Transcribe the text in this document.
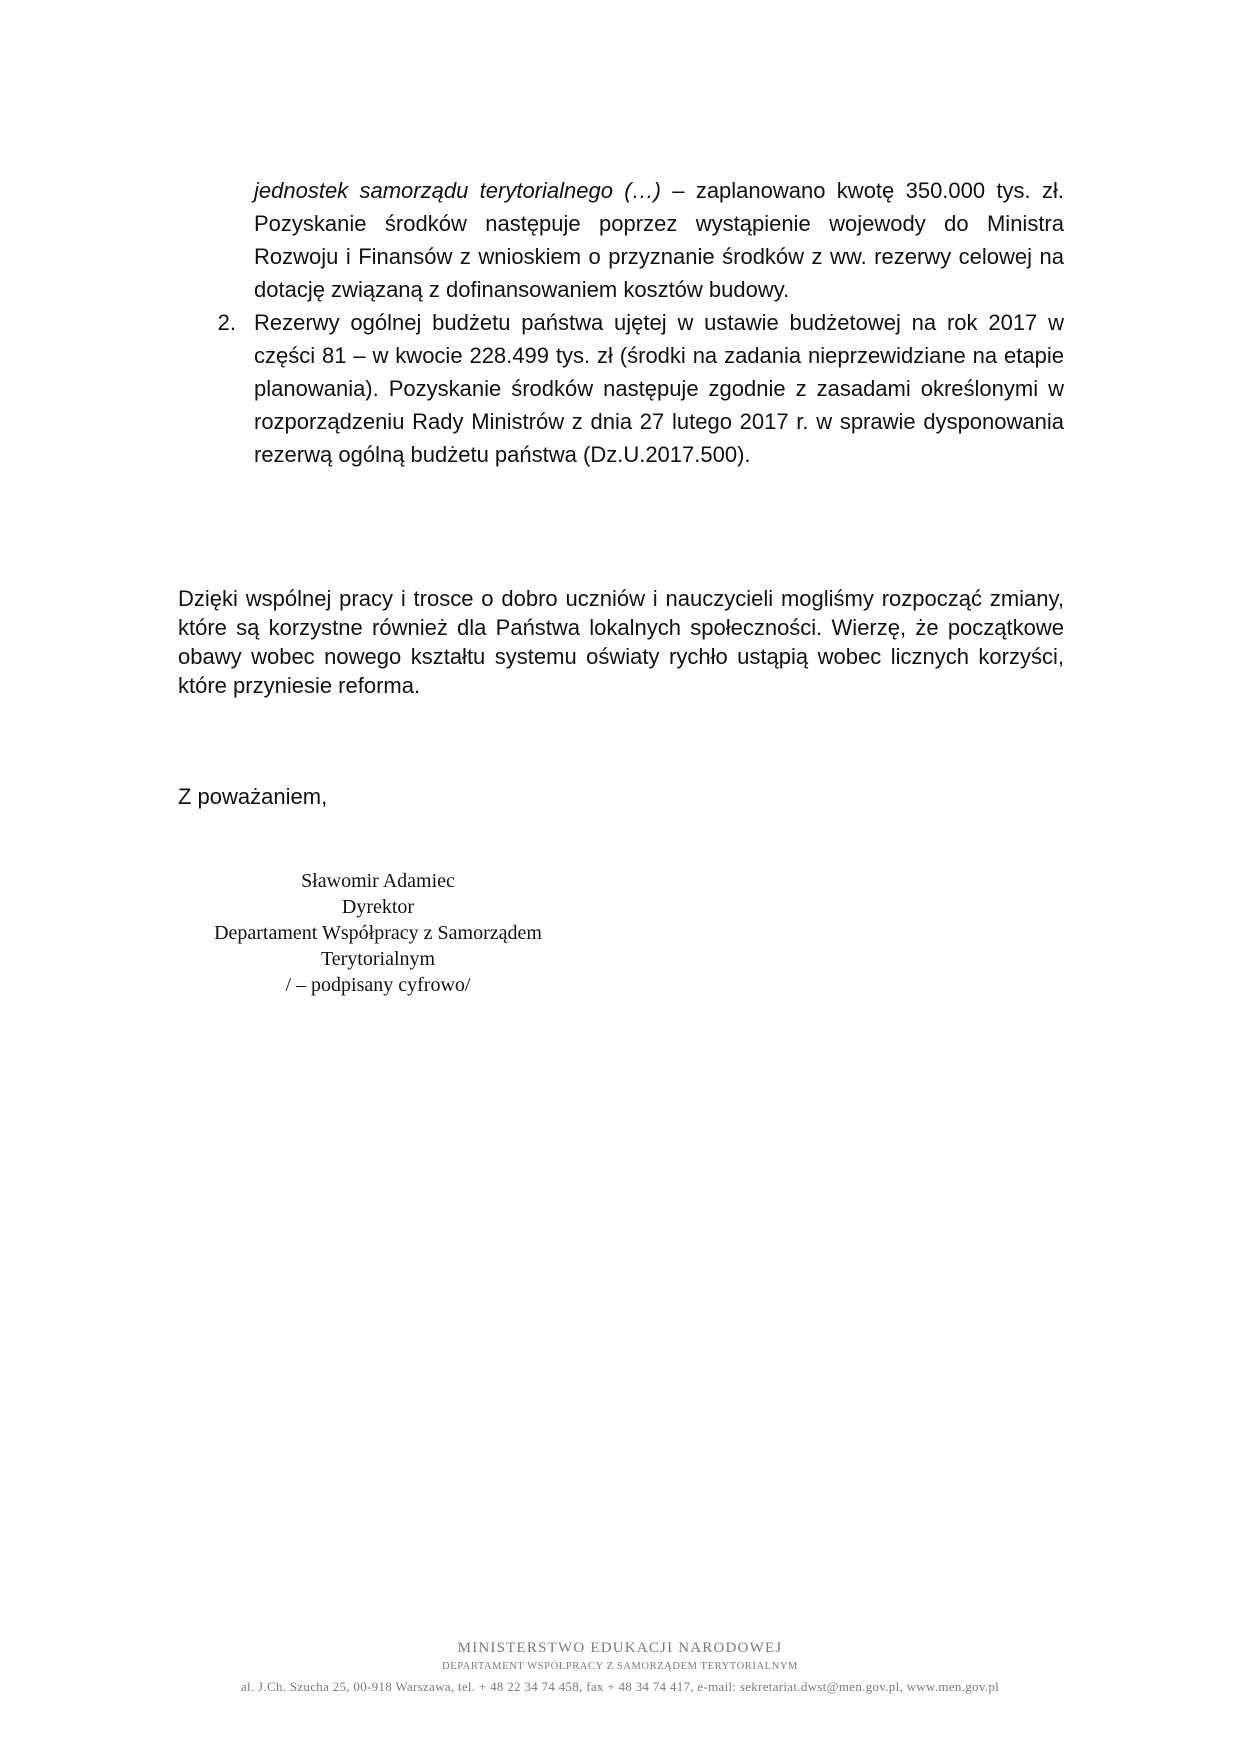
jednostek samorządu terytorialnego (…) – zaplanowano kwotę 350.000 tys. zł. Pozyskanie środków następuje poprzez wystąpienie wojewody do Ministra Rozwoju i Finansów z wnioskiem o przyznanie środków z ww. rezerwy celowej na dotację związaną z dofinansowaniem kosztów budowy.
2. Rezerwy ogólnej budżetu państwa ujętej w ustawie budżetowej na rok 2017 w części 81 – w kwocie 228.499 tys. zł (środki na zadania nieprzewidziane na etapie planowania). Pozyskanie środków następuje zgodnie z zasadami określonymi w rozporządzeniu Rady Ministrów z dnia 27 lutego 2017 r. w sprawie dysponowania rezerwą ogólną budżetu państwa (Dz.U.2017.500).

Dzięki wspólnej pracy i trosce o dobro uczniów i nauczycieli mogliśmy rozpocząć zmiany, które są korzystne również dla Państwa lokalnych społeczności. Wierzę, że początkowe obawy wobec nowego kształtu systemu oświaty rychło ustąpią wobec licznych korzyści, które przyniesie reforma.

Z poważaniem,

Sławomir Adamiec
Dyrektor
Departament Współpracy z Samorządem
Terytorialnym
/ – podpisany cyfrowo/
MINISTERSTWO EDUKACJI NARODOWEJ
DEPARTAMENT WSPÓŁPRACY Z SAMORZĄDEM TERYTORIALNYM
al. J.Ch. Szucha 25, 00-918 Warszawa, tel. + 48 22 34 74 458, fax + 48 34 74 417, e-mail: sekretariat.dwst@men.gov.pl, www.men.gov.pl
